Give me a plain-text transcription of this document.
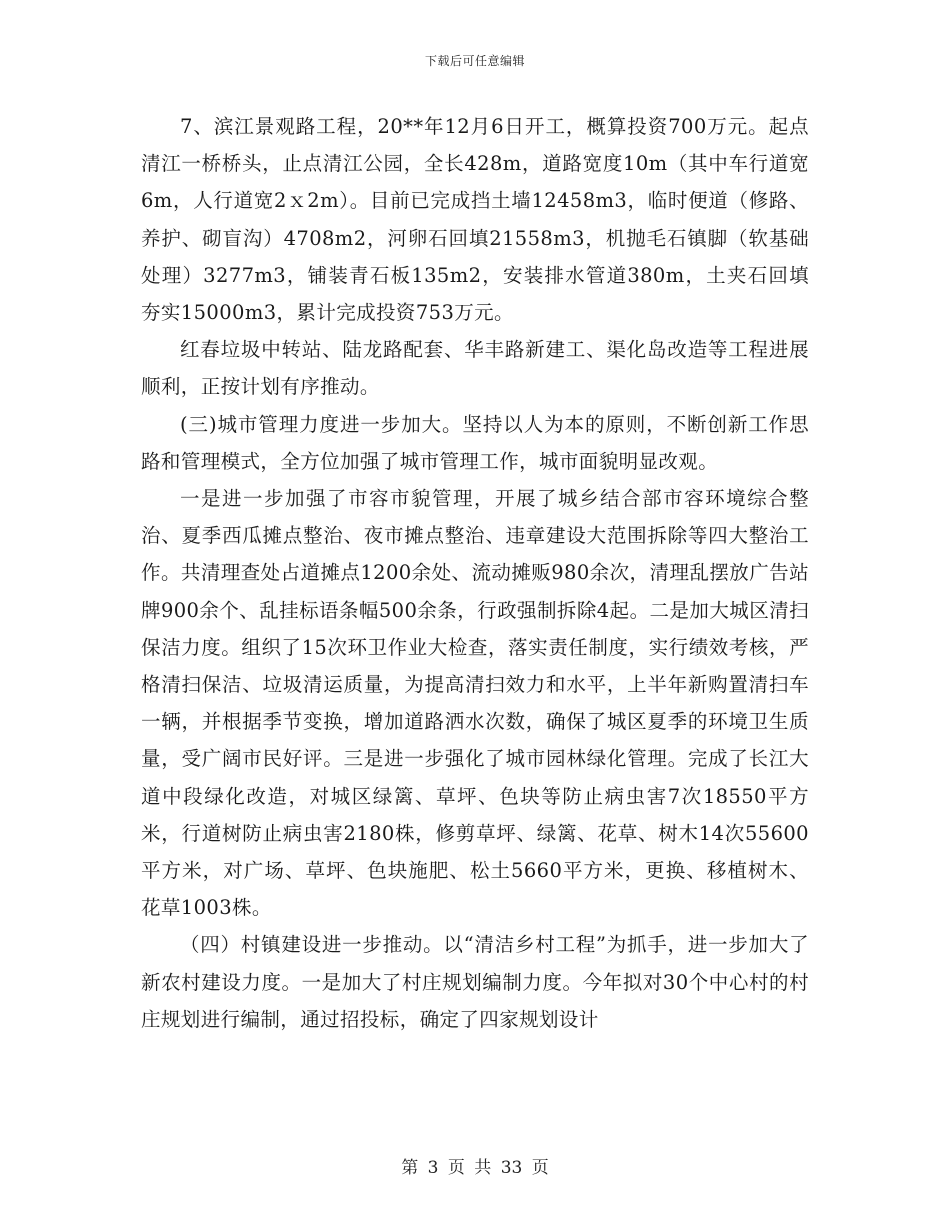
下载后可任意编辑

7、滨江景观路工程，20**年12月6日开工，概算投资700万元。起点清江一桥桥头，止点清江公园，全长428m，道路宽度10m（其中车行道宽6m，人行道宽2ｘ2m）。目前已完成挡土墙12458m3，临时便道（修路、养护、砌盲沟）4708m2，河卵石回填21558m3，机抛毛石镇脚（软基础处理）3277m3，铺装青石板135m2，安装排水管道380m，土夹石回填夯实15000m3，累计完成投资753万元。

红春垃圾中转站、陆龙路配套、华丰路新建工、渠化岛改造等工程进展顺利，正按计划有序推动。

(三)城市管理力度进一步加大。坚持以人为本的原则，不断创新工作思路和管理模式，全方位加强了城市管理工作，城市面貌明显改观。

一是进一步加强了市容市貌管理，开展了城乡结合部市容环境综合整治、夏季西瓜摊点整治、夜市摊点整治、违章建设大范围拆除等四大整治工作。共清理查处占道摊点1200余处、流动摊贩980余次，清理乱摆放广告站牌900余个、乱挂标语条幅500余条，行政强制拆除4起。二是加大城区清扫保洁力度。组织了15次环卫作业大检查，落实责任制度，实行绩效考核，严格清扫保洁、垃圾清运质量，为提高清扫效力和水平，上半年新购置清扫车一辆，并根据季节变换，增加道路洒水次数，确保了城区夏季的环境卫生质量，受广阔市民好评。三是进一步强化了城市园林绿化管理。完成了长江大道中段绿化改造，对城区绿篱、草坪、色块等防止病虫害7次18550平方米，行道树防止病虫害2180株，修剪草坪、绿篱、花草、树木14次55600平方米，对广场、草坪、色块施肥、松土5660平方米，更换、移植树木、花草1003株。

（四）村镇建设进一步推动。以“清洁乡村工程”为抓手，进一步加大了新农村建设力度。一是加大了村庄规划编制力度。今年拟对30个中心村的村庄规划进行编制，通过招投标，确定了四家规划设计

第 3 页 共 33 页
